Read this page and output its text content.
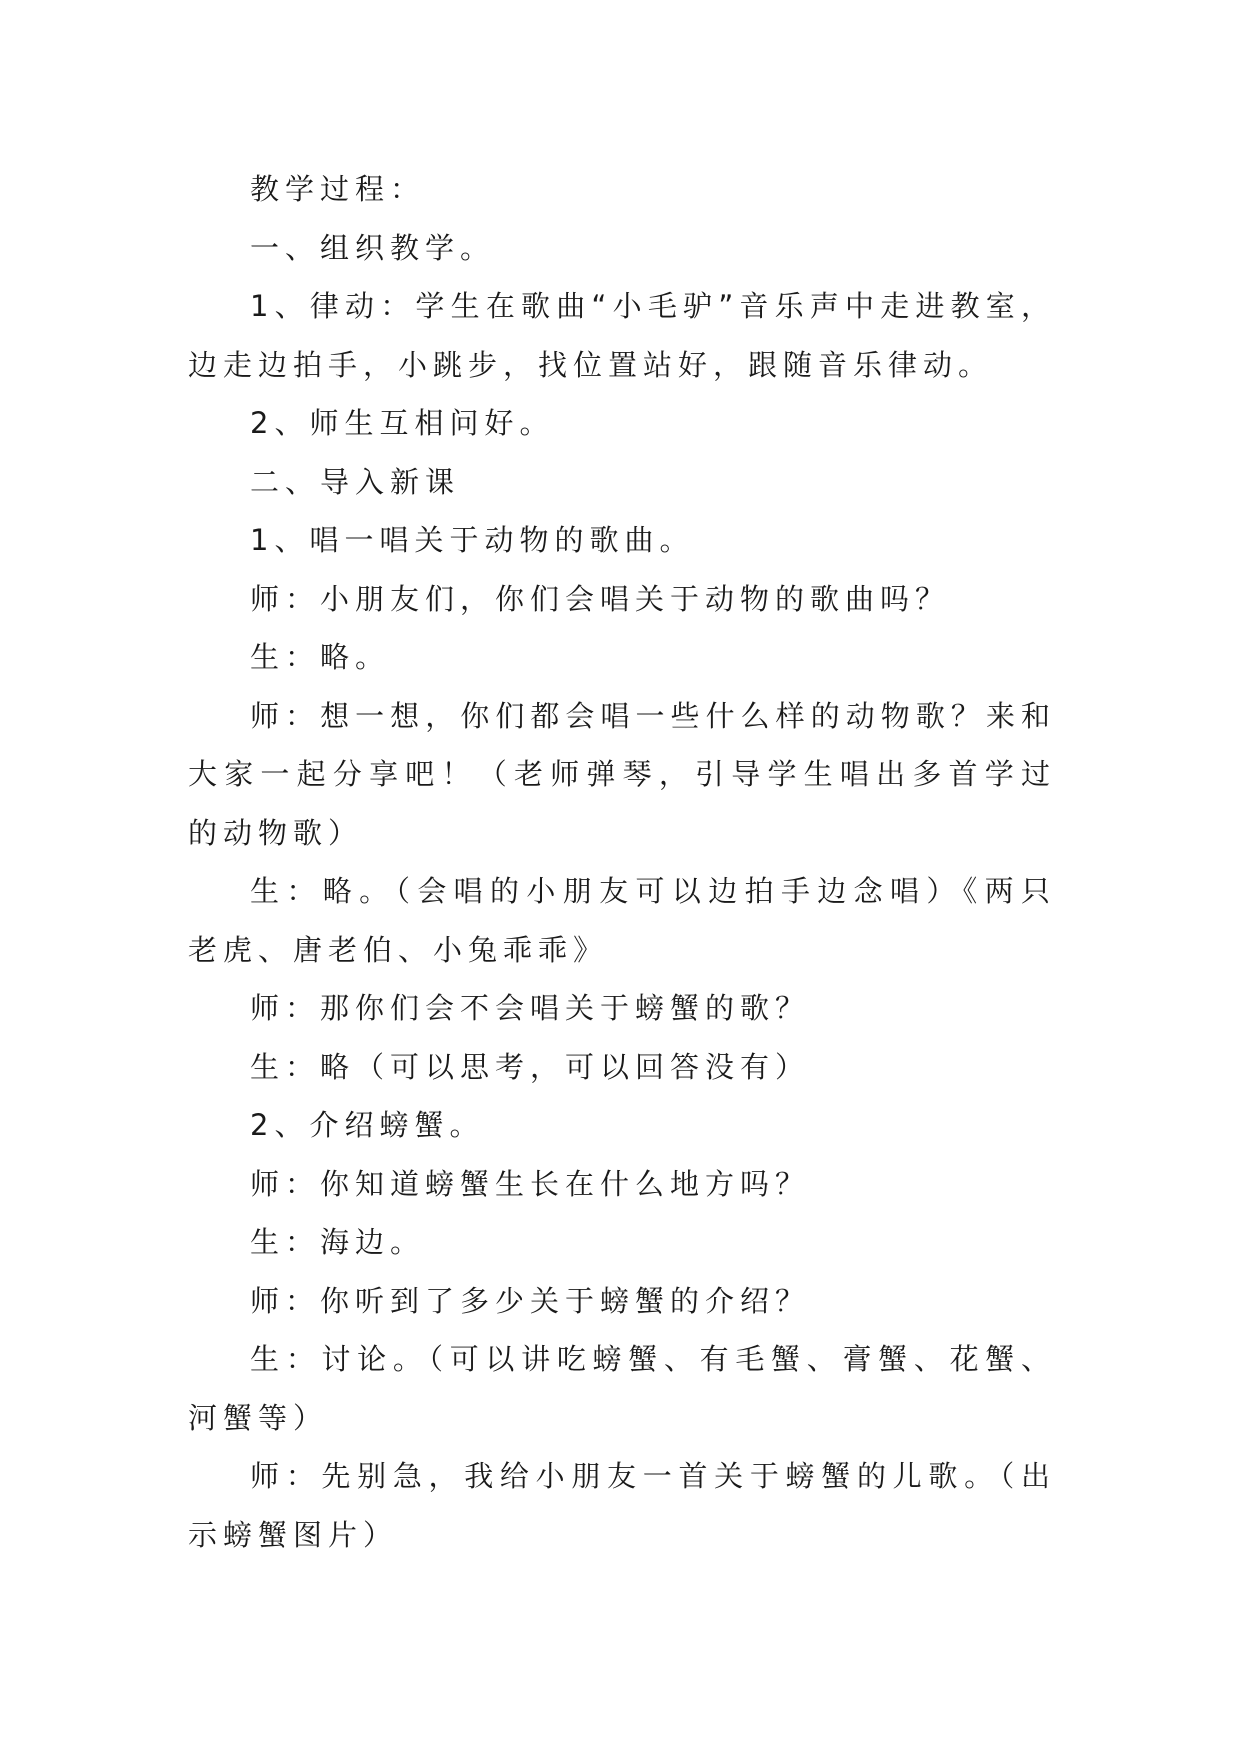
教学过程：

一、组织教学。

1、律动：学生在歌曲“小毛驴”音乐声中走进教室，边走边拍手，小跳步，找位置站好，跟随音乐律动。

2、师生互相问好。

二、导入新课

1、唱一唱关于动物的歌曲。

师：小朋友们，你们会唱关于动物的歌曲吗？

生：略。

师：想一想，你们都会唱一些什么样的动物歌？来和大家一起分享吧！（老师弹琴，引导学生唱出多首学过的动物歌）

生：略。（会唱的小朋友可以边拍手边念唱）《两只老虎、唐老伯、小兔乖乖》

师：那你们会不会唱关于螃蟹的歌？

生：略（可以思考，可以回答没有）

2、介绍螃蟹。

师：你知道螃蟹生长在什么地方吗？

生：海边。

师：你听到了多少关于螃蟹的介绍？

生：讨论。（可以讲吃螃蟹、有毛蟹、膏蟹、花蟹、河蟹等）

师：先别急，我给小朋友一首关于螃蟹的儿歌。（出示螃蟹图片）
